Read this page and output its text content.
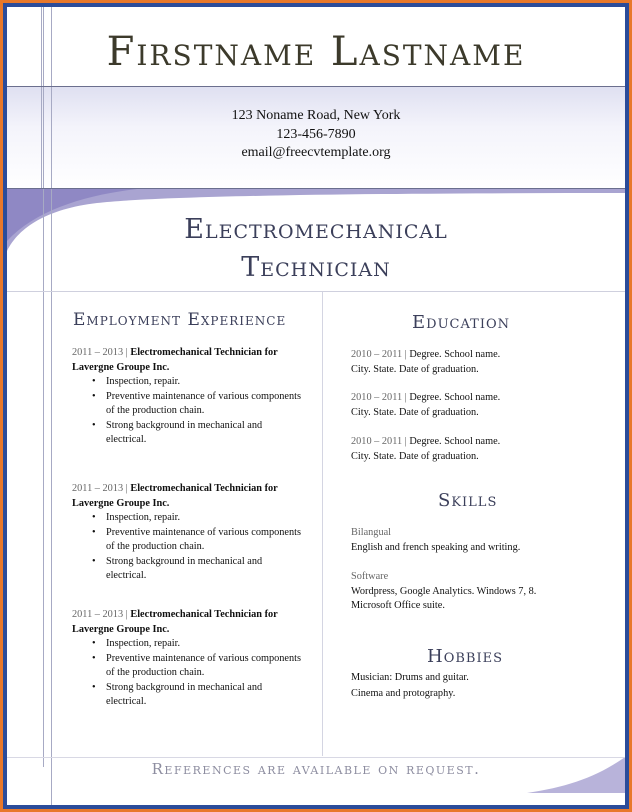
Firstname Lastname
123 Noname Road, New York
123-456-7890
email@freecvtemplate.org
Electromechanical
Technician
Employment Experience
2011 – 2013 | Electromechanical Technician for
Lavergne Groupe Inc.
• Inspection, repair.
• Preventive maintenance of various components
of the production chain.
• Strong background in mechanical and
electrical.
2011 – 2013 | Electromechanical Technician for
Lavergne Groupe Inc.
• Inspection, repair.
• Preventive maintenance of various components
of the production chain.
• Strong background in mechanical and
electrical.
2011 – 2013 | Electromechanical Technician for
Lavergne Groupe Inc.
• Inspection, repair.
• Preventive maintenance of various components
of the production chain.
• Strong background in mechanical and
electrical.
Education
2010 – 2011 | Degree. School name.
City. State. Date of graduation.
2010 – 2011 | Degree. School name.
City. State. Date of graduation.
2010 – 2011 | Degree. School name.
City. State. Date of graduation.
Skills
Bilangual
English and french speaking and writing.
Software
Wordpress, Google Analytics. Windows 7, 8.
Microsoft Office suite.
Hobbies
Musician: Drums and guitar.
Cinema and protography.
References are available on request.
